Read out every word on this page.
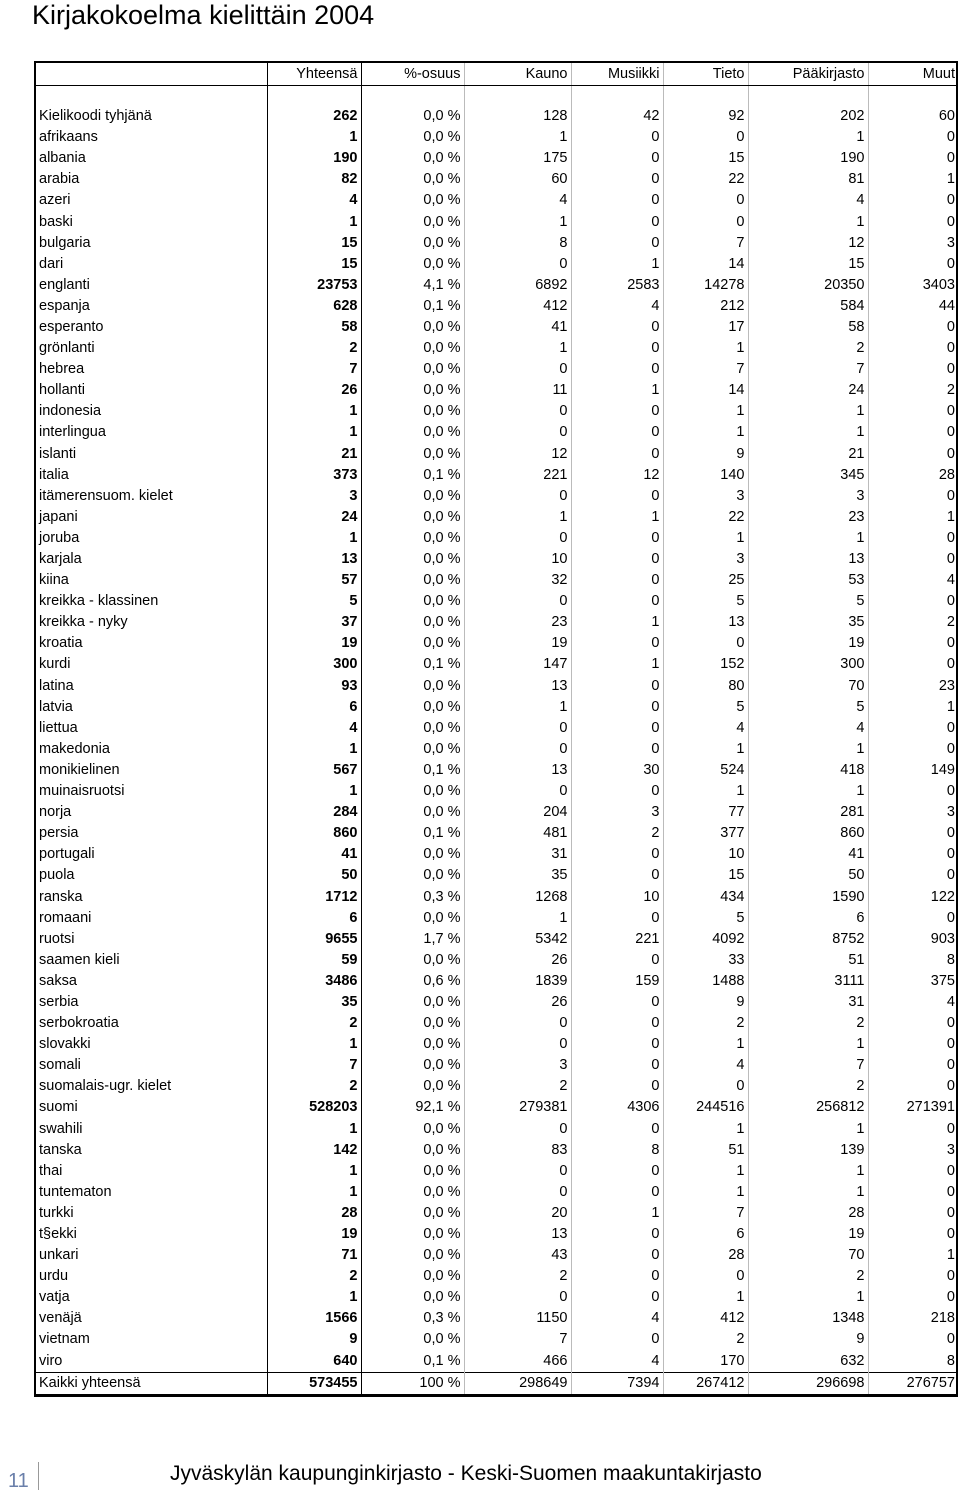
Kirjakokoelma kielittäin 2004
	Yhteensä	%-osuus	Kauno	Musiikki	Tieto	Pääkirjasto	Muut

Kielikoodi tyhjänä	262	0,0 %	128	42	92	202	60
afrikaans	1	0,0 %	1	0	0	1	0
albania	190	0,0 %	175	0	15	190	0
arabia	82	0,0 %	60	0	22	81	1
azeri	4	0,0 %	4	0	0	4	0
baski	1	0,0 %	1	0	0	1	0
bulgaria	15	0,0 %	8	0	7	12	3
dari	15	0,0 %	0	1	14	15	0
englanti	23753	4,1 %	6892	2583	14278	20350	3403
espanja	628	0,1 %	412	4	212	584	44
esperanto	58	0,0 %	41	0	17	58	0
grönlanti	2	0,0 %	1	0	1	2	0
hebrea	7	0,0 %	0	0	7	7	0
hollanti	26	0,0 %	11	1	14	24	2
indonesia	1	0,0 %	0	0	1	1	0
interlingua	1	0,0 %	0	0	1	1	0
islanti	21	0,0 %	12	0	9	21	0
italia	373	0,1 %	221	12	140	345	28
itämerensuom. kielet	3	0,0 %	0	0	3	3	0
japani	24	0,0 %	1	1	22	23	1
joruba	1	0,0 %	0	0	1	1	0
karjala	13	0,0 %	10	0	3	13	0
kiina	57	0,0 %	32	0	25	53	4
kreikka - klassinen	5	0,0 %	0	0	5	5	0
kreikka - nyky	37	0,0 %	23	1	13	35	2
kroatia	19	0,0 %	19	0	0	19	0
kurdi	300	0,1 %	147	1	152	300	0
latina	93	0,0 %	13	0	80	70	23
latvia	6	0,0 %	1	0	5	5	1
liettua	4	0,0 %	0	0	4	4	0
makedonia	1	0,0 %	0	0	1	1	0
monikielinen	567	0,1 %	13	30	524	418	149
muinaisruotsi	1	0,0 %	0	0	1	1	0
norja	284	0,0 %	204	3	77	281	3
persia	860	0,1 %	481	2	377	860	0
portugali	41	0,0 %	31	0	10	41	0
puola	50	0,0 %	35	0	15	50	0
ranska	1712	0,3 %	1268	10	434	1590	122
romaani	6	0,0 %	1	0	5	6	0
ruotsi	9655	1,7 %	5342	221	4092	8752	903
saamen kieli	59	0,0 %	26	0	33	51	8
saksa	3486	0,6 %	1839	159	1488	3111	375
serbia	35	0,0 %	26	0	9	31	4
serbokroatia	2	0,0 %	0	0	2	2	0
slovakki	1	0,0 %	0	0	1	1	0
somali	7	0,0 %	3	0	4	7	0
suomalais-ugr. kielet	2	0,0 %	2	0	0	2	0
suomi	528203	92,1 %	279381	4306	244516	256812	271391
swahili	1	0,0 %	0	0	1	1	0
tanska	142	0,0 %	83	8	51	139	3
thai	1	0,0 %	0	0	1	1	0
tuntematon	1	0,0 %	0	0	1	1	0
turkki	28	0,0 %	20	1	7	28	0
t§ekki	19	0,0 %	13	0	6	19	0
unkari	71	0,0 %	43	0	28	70	1
urdu	2	0,0 %	2	0	0	2	0
vatja	1	0,0 %	0	0	1	1	0
venäjä	1566	0,3 %	1150	4	412	1348	218
vietnam	9	0,0 %	7	0	2	9	0
viro	640	0,1 %	466	4	170	632	8
Kaikki yhteensä	573455	100 %	298649	7394	267412	296698	276757
11	Jyväskylän kaupunginkirjasto - Keski-Suomen maakuntakirjasto
